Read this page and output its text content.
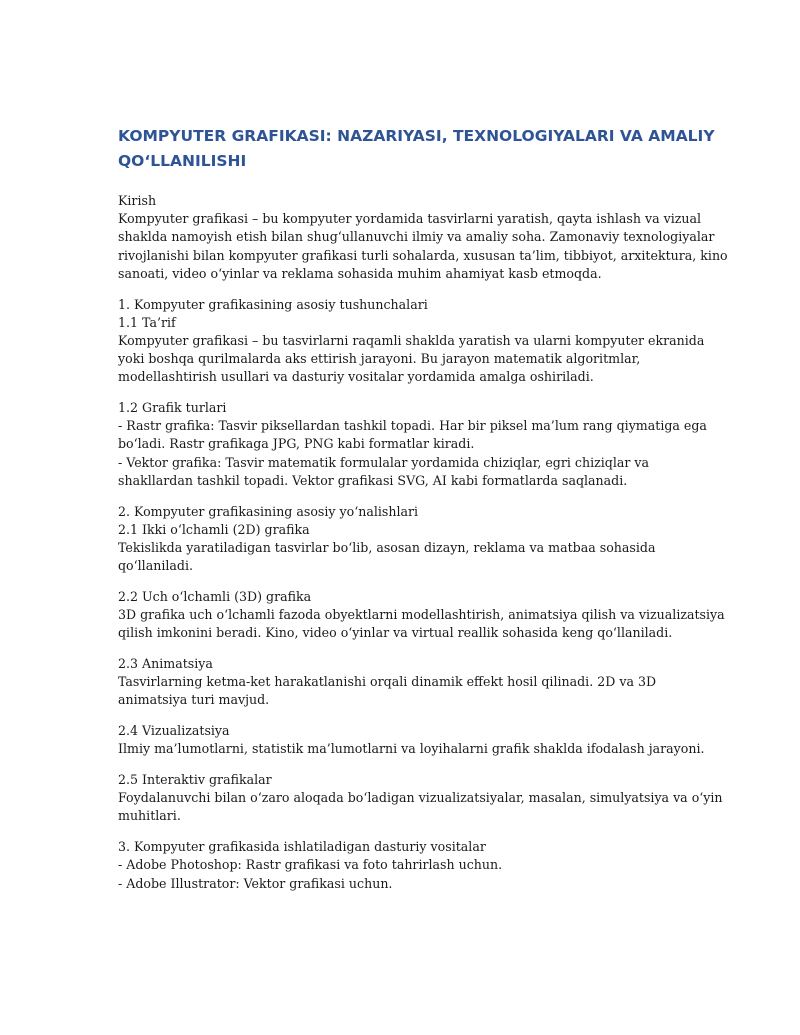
KOMPYUTER GRAFIKASI: NAZARIYASI, TEXNOLOGIYALARI VA AMALIY
QO‘LLANILISHI
Kirish
Kompyuter grafikasi – bu kompyuter yordamida tasvirlarni yaratish, qayta ishlash va vizual
shaklda namoyish etish bilan shug‘ullanuvchi ilmiy va amaliy soha. Zamonaviy texnologiyalar
rivojlanishi bilan kompyuter grafikasi turli sohalarda, xususan ta’lim, tibbiyot, arxitektura, kino
sanoati, video o‘yinlar va reklama sohasida muhim ahamiyat kasb etmoqda.
1. Kompyuter grafikasining asosiy tushunchalari
1.1 Ta’rif
Kompyuter grafikasi – bu tasvirlarni raqamli shaklda yaratish va ularni kompyuter ekranida
yoki boshqa qurilmalarda aks ettirish jarayoni. Bu jarayon matematik algoritmlar,
modellashtirish usullari va dasturiy vositalar yordamida amalga oshiriladi.
1.2 Grafik turlari
- Rastr grafika: Tasvir piksellardan tashkil topadi. Har bir piksel ma’lum rang qiymatiga ega
bo‘ladi. Rastr grafikaga JPG, PNG kabi formatlar kiradi.
- Vektor grafika: Tasvir matematik formulalar yordamida chiziqlar, egri chiziqlar va
shakllardan tashkil topadi. Vektor grafikasi SVG, AI kabi formatlarda saqlanadi.
2. Kompyuter grafikasining asosiy yo‘nalishlari
2.1 Ikki o‘lchamli (2D) grafika
Tekislikda yaratiladigan tasvirlar bo‘lib, asosan dizayn, reklama va matbaa sohasida
qo‘llaniladi.
2.2 Uch o‘lchamli (3D) grafika
3D grafika uch o‘lchamli fazoda obyektlarni modellashtirish, animatsiya qilish va vizualizatsiya
qilish imkonini beradi. Kino, video o‘yinlar va virtual reallik sohasida keng qo‘llaniladi.
2.3 Animatsiya
Tasvirlarning ketma-ket harakatlanishi orqali dinamik effekt hosil qilinadi. 2D va 3D
animatsiya turi mavjud.
2.4 Vizualizatsiya
Ilmiy ma’lumotlarni, statistik ma’lumotlarni va loyihalarni grafik shaklda ifodalash jarayoni.
2.5 Interaktiv grafikalar
Foydalanuvchi bilan o‘zaro aloqada bo‘ladigan vizualizatsiyalar, masalan, simulyatsiya va o‘yin
muhitlari.
3. Kompyuter grafikasida ishlatiladigan dasturiy vositalar
- Adobe Photoshop: Rastr grafikasi va foto tahrirlash uchun.
- Adobe Illustrator: Vektor grafikasi uchun.
